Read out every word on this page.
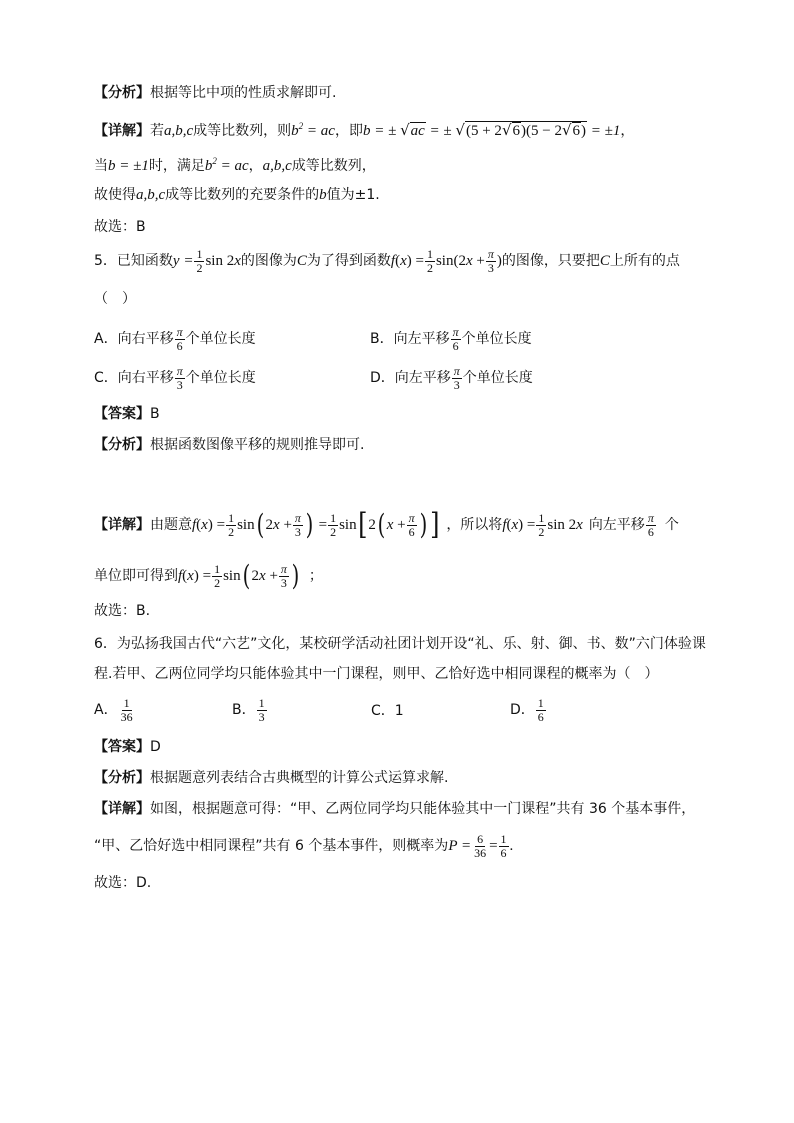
【分析】根据等比中项的性质求解即可.
【详解】若a,b,c成等比数列，则$b^2$ = ac，即b = ± √ac = ± √(5 + 2√6)(5 − 2√6) = ±1，
当b = ±1时，满足$b^2$ = ac，a,b,c成等比数列，
故使得a,b,c成等比数列的充要条件的b值为±1.
故选：B
5．已知函数$y = \frac{1}{2}$ sin 2x的图像为C为了得到函数$f(x) = \frac{1}{2} \sin(2x + \frac{\pi}{3}$ )的图像，只要把C上所有的点
（　）
A．向右平移 $\frac{\pi}{6}$ 个单位长度	B．向左平移 $\frac{\pi}{6}$ 个单位长度
C．向右平移 $\frac{\pi}{3}$ 个单位长度	D．向左平移 $\frac{\pi}{3}$ 个单位长度
【答案】B
【分析】根据函数图像平移的规则推导即可.
【详解】由题意$f(x) = \frac{1}{2} \sin$( $2x + \frac{\pi}{3}$ ) = $\frac{1}{2} \sin[2$( $x + \frac{\pi}{6}$ )] ，所以将$f(x) = \frac{1}{2}$ sin 2x 向左平移 $\frac{\pi}{6}$ 个
单位即可得到$f(x) = \frac{1}{2} \sin$( $2x + \frac{\pi}{3}$ ) ；
故选：B.
6．为弘扬我国古代“六艺”文化，某校研学活动社团计划开设“礼、乐、射、御、书、数”六门体验课
程.若甲、乙两位同学均只能体验其中一门课程，则甲、乙恰好选中相同课程的概率为（　）
A． $\frac{1}{36}$	B． $\frac{1}{3}$	C．1	D． $\frac{1}{6}$
【答案】D
【分析】根据题意列表结合古典概型的计算公式运算求解.
【详解】如图，根据题意可得：“甲、乙两位同学均只能体验其中一门课程”共有 36 个基本事件，
“甲、乙恰好选中相同课程”共有 6 个基本事件，则概率为$P = \frac{6}{36} = \frac{1}{6}$ .
故选：D.
